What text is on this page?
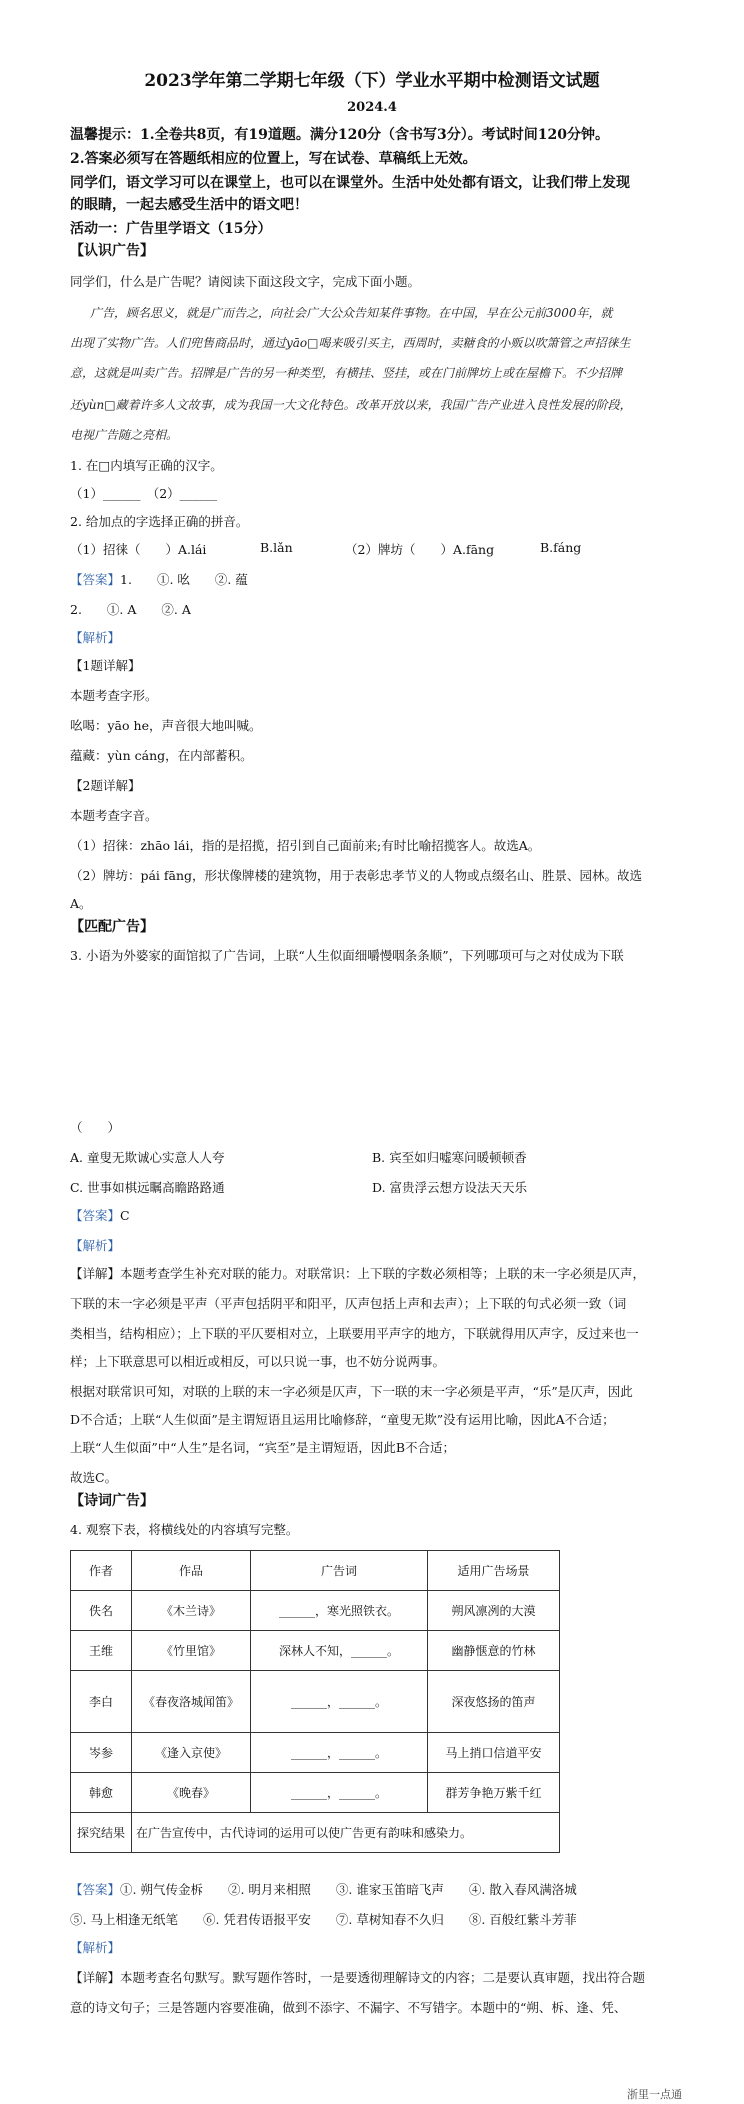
2023学年第二学期七年级（下）学业水平期中检测语文试题
2024.4
温馨提示：1.全卷共8页，有19道题。满分120分（含书写3分）。考试时间120分钟。
2.答案必须写在答题纸相应的位置上，写在试卷、草稿纸上无效。
同学们，语文学习可以在课堂上，也可以在课堂外。生活中处处都有语文，让我们带上发现
的眼睛，一起去感受生活中的语文吧！
活动一：广告里学语文（15分）
【认识广告】
同学们，什么是广告呢？请阅读下面这段文字，完成下面小题。
广告，顾名思义，就是广而告之，向社会广大公众告知某件事物。在中国，早在公元前3000年，就
出现了实物广告。人们兜售商品时，通过yāo□喝来吸引买主，西周时，卖糖食的小贩以吹箫管之声招徕生
意，这就是叫卖广告。招牌是广告的另一种类型，有横挂、竖挂，或在门前牌坊上或在屋檐下。不少招牌
还yùn□藏着许多人文故事，成为我国一大文化特色。改革开放以来，我国广告产业进入良性发展的阶段，
电视广告随之亮相。
1. 在□内填写正确的汉字。
（1）______　（2）______
2. 给加点的字选择正确的拼音。
（1）招徕（　　）A.lái	B.lǎn	（2）牌坊（　　）A.fāng	B.fáng
【答案】1.　　①. 吆　　②. 蕴
2.　　①. A　　②. A
【解析】
【1题详解】
本题考查字形。
吆喝：yāo he，声音很大地叫喊。
蕴藏：yùn cáng，在内部蓄积。
【2题详解】
本题考查字音。
（1）招徕：zhāo lái，指的是招揽，招引到自己面前来;有时比喻招揽客人。故选A。
（2）牌坊：pái fāng，形状像牌楼的建筑物，用于表彰忠孝节义的人物或点缀名山、胜景、园林。故选
A。
【匹配广告】
3. 小语为外婆家的面馆拟了广告词，上联“人生似面细嚼慢咽条条顺”，下列哪项可与之对仗成为下联
（　　）
A. 童叟无欺诚心实意人人夸	B. 宾至如归嘘寒问暖顿顿香
C. 世事如棋远瞩高瞻路路通	D. 富贵浮云想方设法天天乐
【答案】C
【解析】
【详解】本题考查学生补充对联的能力。对联常识：上下联的字数必须相等；上联的末一字必须是仄声，
下联的末一字必须是平声（平声包括阴平和阳平，仄声包括上声和去声）；上下联的句式必须一致（词
类相当，结构相应）；上下联的平仄要相对立，上联要用平声字的地方，下联就得用仄声字，反过来也一
样；上下联意思可以相近或相反，可以只说一事，也不妨分说两事。
根据对联常识可知，对联的上联的末一字必须是仄声，下一联的末一字必须是平声，“乐”是仄声，因此
D不合适；上联“人生似面”是主谓短语且运用比喻修辞，“童叟无欺”没有运用比喻，因此A不合适；
上联“人生似面”中“人生”是名词，“宾至”是主谓短语，因此B不合适；
故选C。
【诗词广告】
4. 观察下表，将横线处的内容填写完整。
作者	作品	广告词	适用广告场景
佚名	《木兰诗》	______，寒光照铁衣。	朔风凛冽的大漠
王维	《竹里馆》	深林人不知，______。	幽静惬意的竹林
李白	《春夜洛城闻笛》	______，______。	深夜悠扬的笛声
岑参	《逢入京使》	______，______。	马上捎口信道平安
韩愈	《晚春》	______，______。	群芳争艳万紫千红
探究结果	在广告宣传中，古代诗词的运用可以使广告更有韵味和感染力。		
【答案】①. 朔气传金柝　　②. 明月来相照　　③. 谁家玉笛暗飞声　　④. 散入春风满洛城
⑤. 马上相逢无纸笔　　⑥. 凭君传语报平安　　⑦. 草树知春不久归　　⑧. 百般红紫斗芳菲
【解析】
【详解】本题考查名句默写。默写题作答时，一是要透彻理解诗文的内容；二是要认真审题，找出符合题
意的诗文句子；三是答题内容要准确，做到不添字、不漏字、不写错字。本题中的“朔、柝、逢、凭、
浙里一点通
